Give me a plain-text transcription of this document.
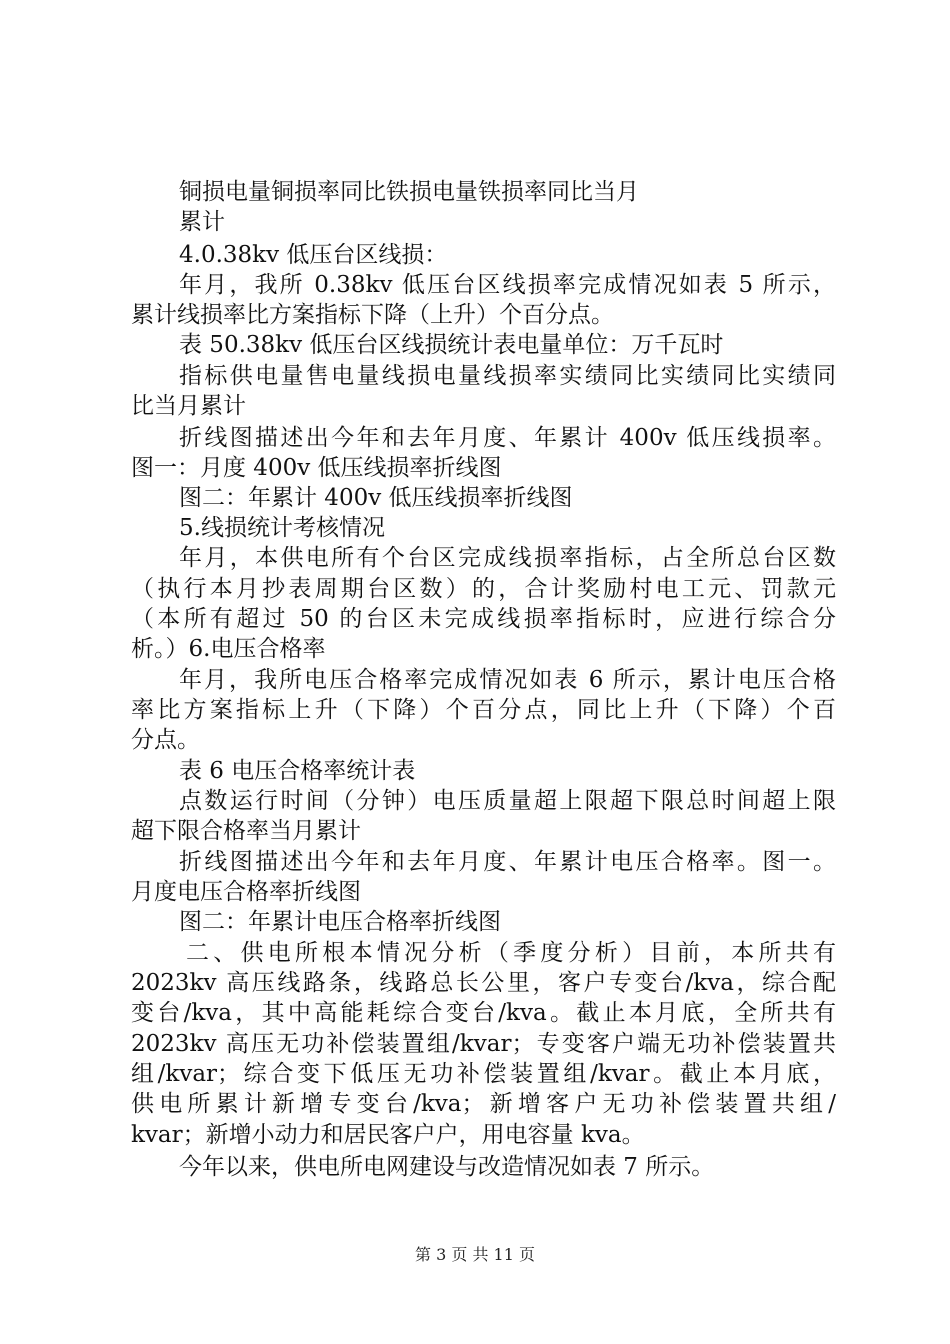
铜损电量铜损率同比铁损电量铁损率同比当月
累计
4.0.38kv 低压台区线损：
年月，我所 0.38kv 低压台区线损率完成情况如表 5 所示，
累计线损率比方案指标下降（上升）个百分点。
表 50.38kv 低压台区线损统计表电量单位：万千瓦时
指标供电量售电量线损电量线损率实绩同比实绩同比实绩同
比当月累计
折线图描述出今年和去年月度、年累计 400v 低压线损率。
图一：月度 400v 低压线损率折线图
图二：年累计 400v 低压线损率折线图
5.线损统计考核情况
年月，本供电所有个台区完成线损率指标，占全所总台区数
（执行本月抄表周期台区数）的，合计奖励村电工元、罚款元
（本所有超过 50 的台区未完成线损率指标时，应进行综合分
析。）6.电压合格率
年月，我所电压合格率完成情况如表 6 所示，累计电压合格
率比方案指标上升（下降）个百分点，同比上升（下降）个百
分点。
表 6 电压合格率统计表
点数运行时间（分钟）电压质量超上限超下限总时间超上限
超下限合格率当月累计
折线图描述出今年和去年月度、年累计电压合格率。图一。
月度电压合格率折线图
图二：年累计电压合格率折线图
二、供电所根本情况分析（季度分析）目前，本所共有
2023kv 高压线路条，线路总长公里，客户专变台/kva，综合配
变台/kva，其中高能耗综合变台/kva。截止本月底，全所共有
2023kv 高压无功补偿装置组/kvar；专变客户端无功补偿装置共
组/kvar；综合变下低压无功补偿装置组/kvar。截止本月底，
供电所累计新增专变台/kva；新增客户无功补偿装置共组/
kvar；新增小动力和居民客户户，用电容量 kva。
今年以来，供电所电网建设与改造情况如表 7 所示。
第 3 页 共 11 页
